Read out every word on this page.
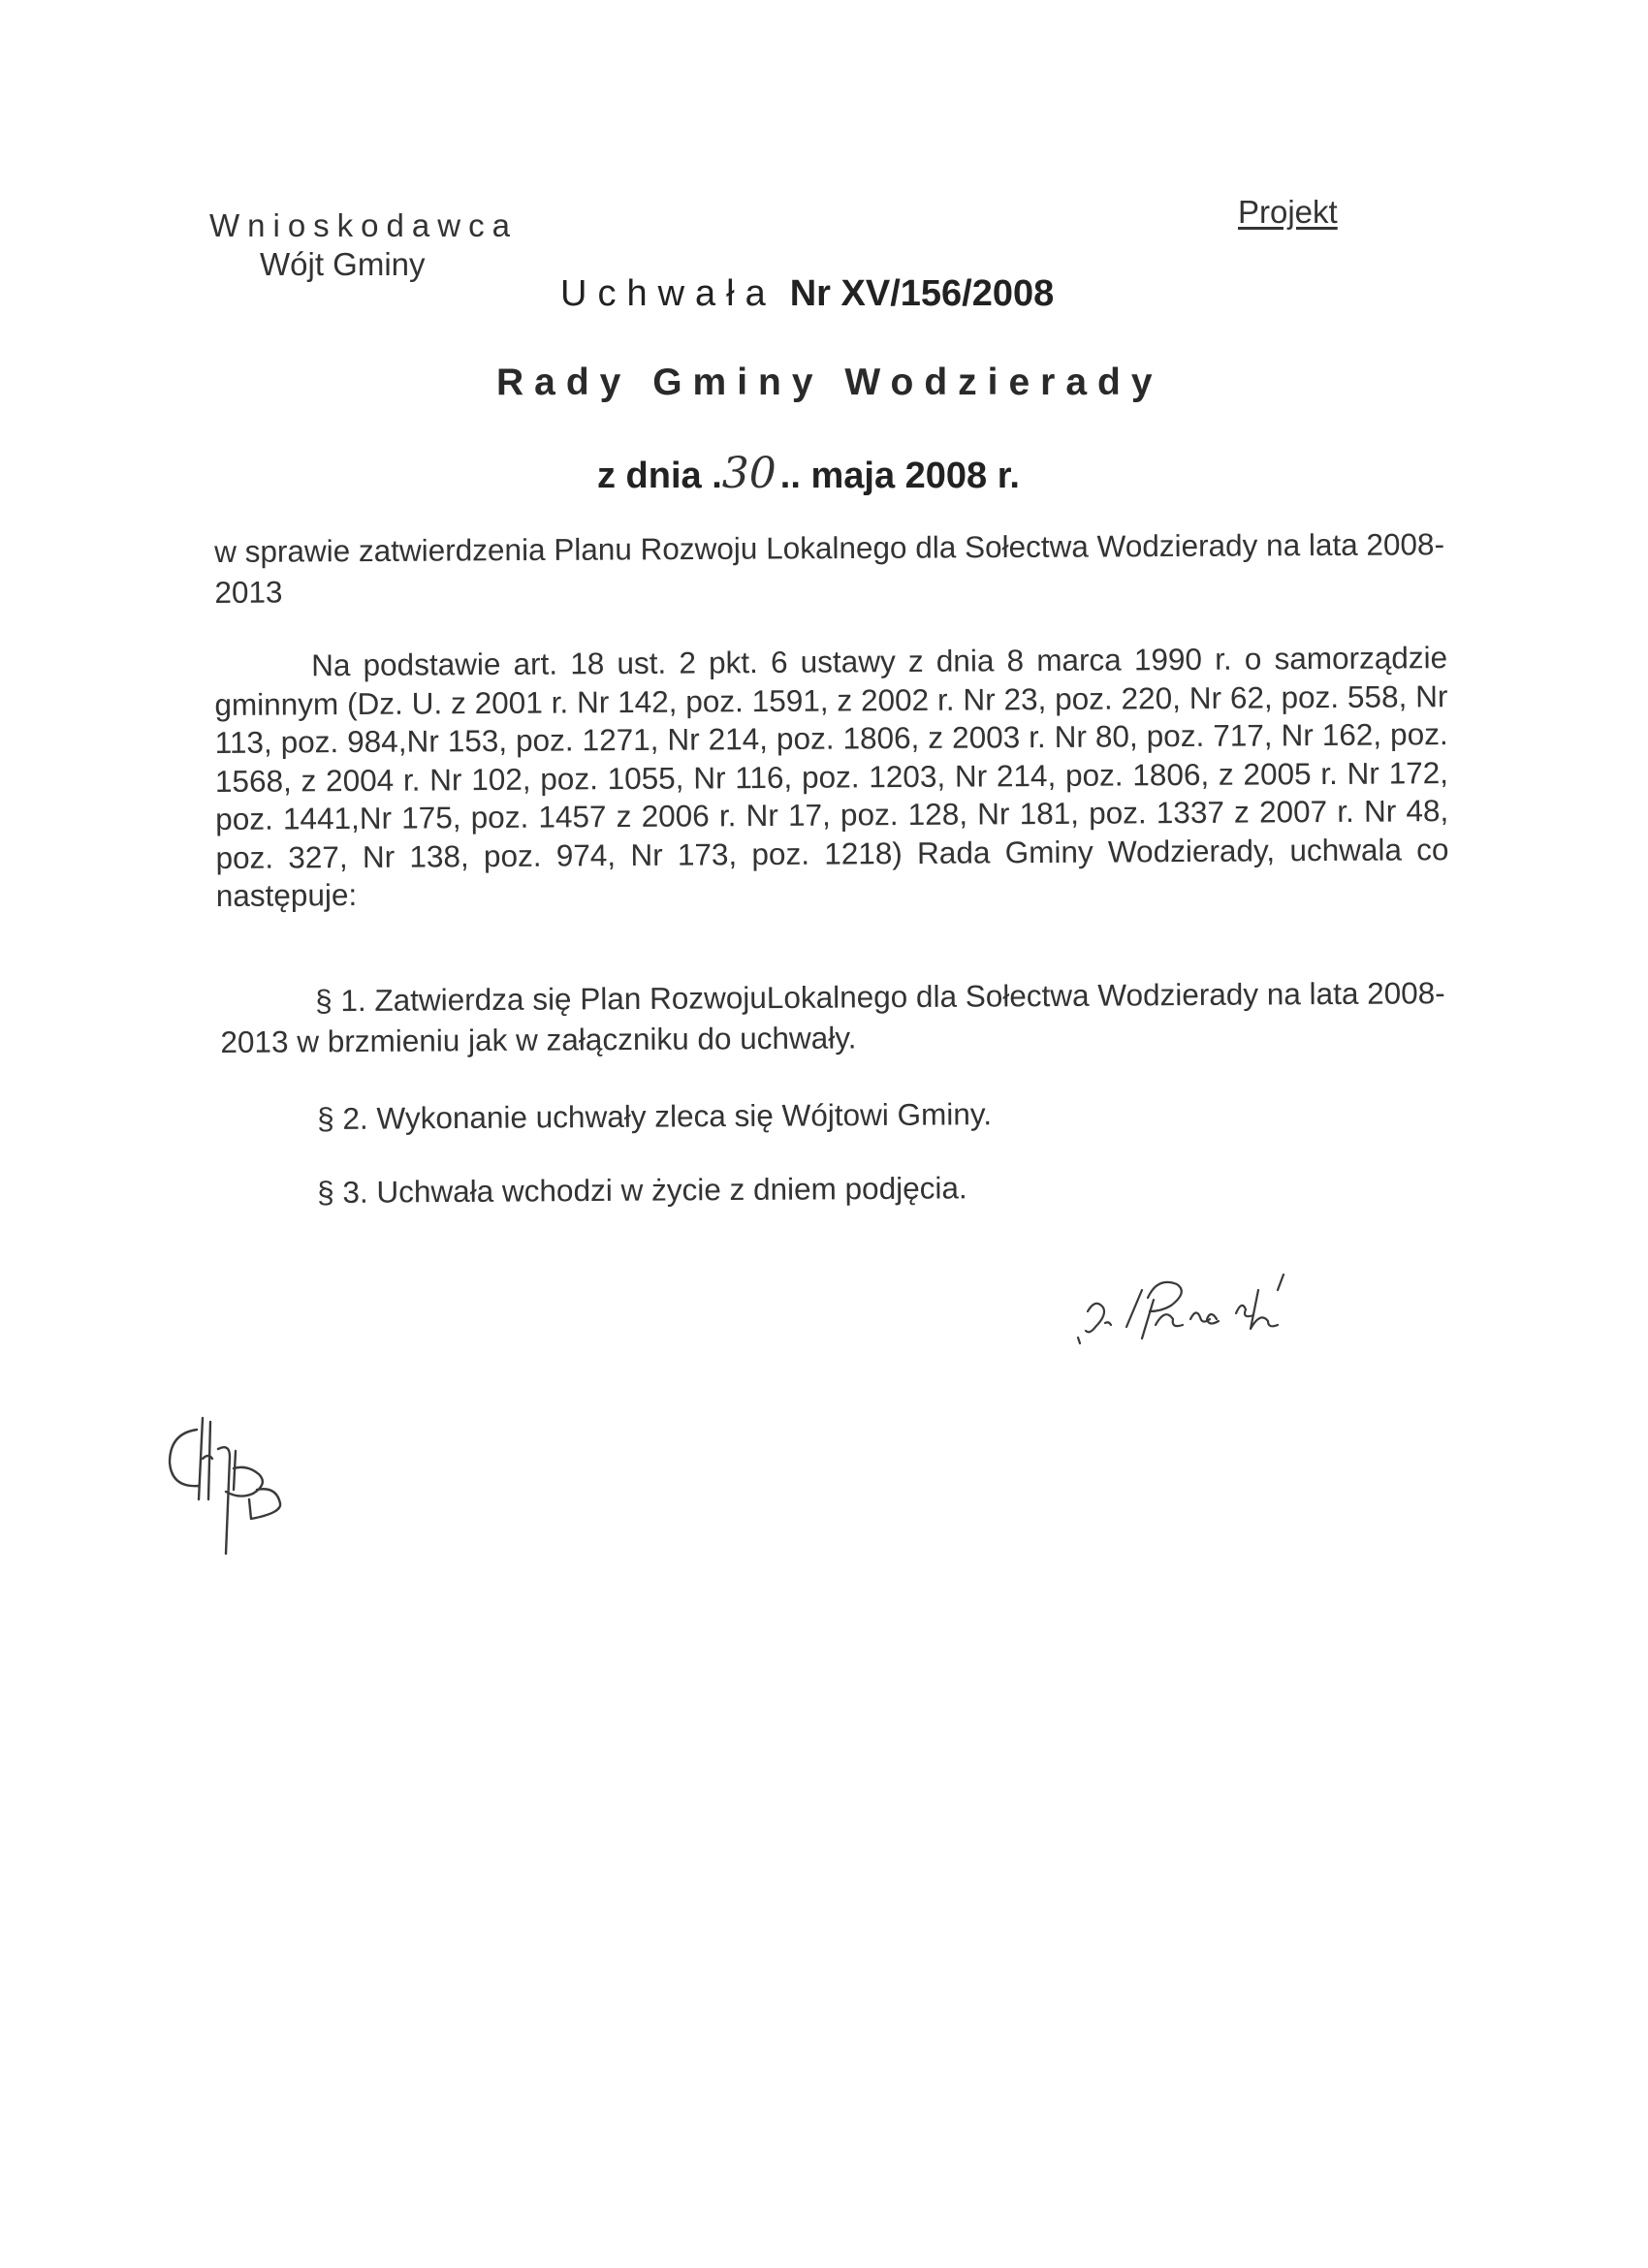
Wnioskodawca
Wójt Gminy
Projekt
Uchwała Nr XV/156/2008
Rady Gminy Wodzierady
z dnia .30 .. maja 2008 r.
w sprawie zatwierdzenia Planu Rozwoju Lokalnego dla Sołectwa Wodzierady na lata 2008-2013
Na podstawie art. 18 ust. 2 pkt. 6 ustawy z dnia 8 marca 1990 r. o samorządzie gminnym (Dz. U. z 2001 r. Nr 142, poz. 1591, z 2002 r. Nr 23, poz. 220, Nr 62, poz. 558, Nr 113, poz. 984,Nr 153, poz. 1271, Nr 214, poz. 1806, z 2003 r. Nr 80, poz. 717, Nr 162, poz. 1568, z 2004 r. Nr 102, poz. 1055, Nr 116, poz. 1203, Nr 214, poz. 1806, z 2005 r. Nr 172, poz. 1441,Nr 175, poz. 1457 z 2006 r. Nr 17, poz. 128, Nr 181, poz. 1337 z 2007 r. Nr 48, poz. 327, Nr 138, poz. 974, Nr 173, poz. 1218) Rada Gminy Wodzierady, uchwala co następuje:
§ 1. Zatwierdza się Plan RozwojuLokalnego dla Sołectwa Wodzierady na lata 2008-2013 w brzmieniu jak w załączniku do uchwały.
§ 2. Wykonanie uchwały zleca się Wójtowi Gminy.
§ 3. Uchwała wchodzi w życie z dniem podjęcia.
